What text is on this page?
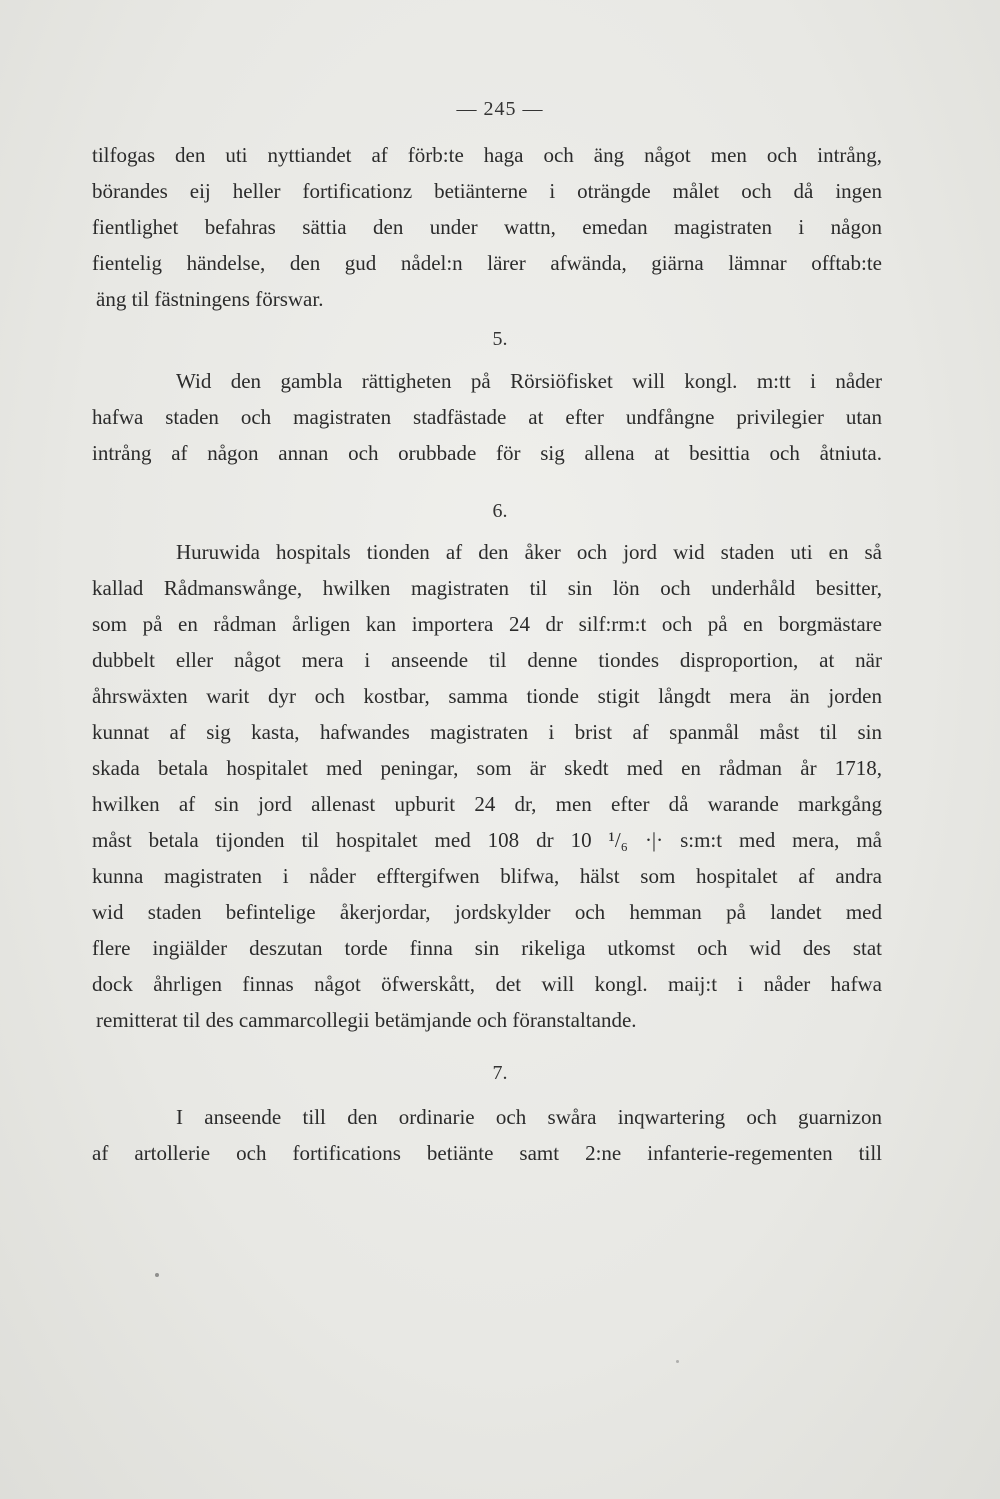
— 245 —
tilfogas den uti nyttiandet af förb:te haga och äng något men och intrång,
börandes eij heller fortificationz betiänterne i oträngde målet och då ingen
fientlighet befahras sättia den under wattn, emedan magistraten i någon
fientelig händelse, den gud nådel:n lärer afwända, giärna lämnar offtab:te
äng til fästningens förswar.
5.
Wid den gambla rättigheten på Rörsiöfisket will kongl. m:tt i nåder
hafwa staden och magistraten stadfästade at efter undfångne privilegier utan
intrång af någon annan och orubbade för sig allena at besittia och åtniuta.
6.
Huruwida hospitals tionden af den åker och jord wid staden uti en så
kallad Rådmanswånge, hwilken magistraten til sin lön och underhåld besitter,
som på en rådman årligen kan importera 24 dr silf:rm:t och på en borgmästare
dubbelt eller något mera i anseende til denne tiondes disproportion, at när
åhrswäxten warit dyr och kostbar, samma tionde stigit långdt mera än jorden
kunnat af sig kasta, hafwandes magistraten i brist af spanmål måst til sin
skada betala hospitalet med peningar, som är skedt med en rådman år 1718,
hwilken af sin jord allenast upburit 24 dr, men efter då warande markgång
måst betala tijonden til hospitalet med 108 dr 10 ¹/₆ ·|· s:m:t med mera, må
kunna magistraten i nåder efftergifwen blifwa, hälst som hospitalet af andra
wid staden befintelige åkerjordar, jordskylder och hemman på landet med
flere ingiälder deszutan torde finna sin rikeliga utkomst och wid des stat
dock åhrligen finnas något öfwerskått, det will kongl. maij:t i nåder hafwa
remitterat til des cammarcollegii betämjande och föranstaltande.
7.
I anseende till den ordinarie och swåra inqwartering och guarnizon
af artollerie och fortifications betiänte samt 2:ne infanterie-regementen till
